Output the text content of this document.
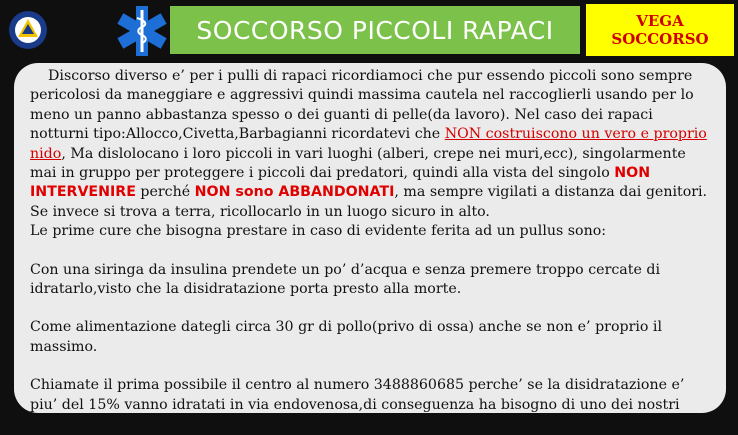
SOCCORSO PICCOLI RAPACI	VEGA
SOCCORSO

Discorso diverso e’ per i pulli di rapaci ricordiamoci che pur essendo piccoli sono sempre pericolosi da maneggiare e aggressivi quindi massima cautela nel raccoglierli usando per lo meno un panno abbastanza spesso o dei guanti di pelle(da lavoro). Nel caso dei rapaci notturni tipo:Allocco,Civetta,Barbagianni ricordatevi che NON costruiscono un vero e proprio nido, Ma dislolocano i loro piccoli in vari luoghi (alberi, crepe nei muri,ecc), singolarmente mai in gruppo per proteggere i piccoli dai predatori, quindi alla vista del singolo NON INTERVENIRE perché NON sono ABBANDONATI, ma sempre vigilati a distanza dai genitori. Se invece si trova a terra, ricollocarlo in un luogo sicuro in alto.

Le prime cure che bisogna prestare in caso di evidente ferita ad un pullus sono:

Con una siringa da insulina prendete un po’ d’acqua e senza premere troppo cercate di idratarlo,visto che la disidratazione porta presto alla morte.

Come alimentazione dategli circa 30 gr di pollo(privo di ossa) anche se non e’ proprio il massimo.

Chiamate il prima possibile il centro al numero 3488860685 perche’ se la disidratazione e’ piu’ del 15% vanno idratati in via endovenosa,di conseguenza ha bisogno di uno dei nostri veterinari,cosi’ facendo potete salvare loro la vita.
